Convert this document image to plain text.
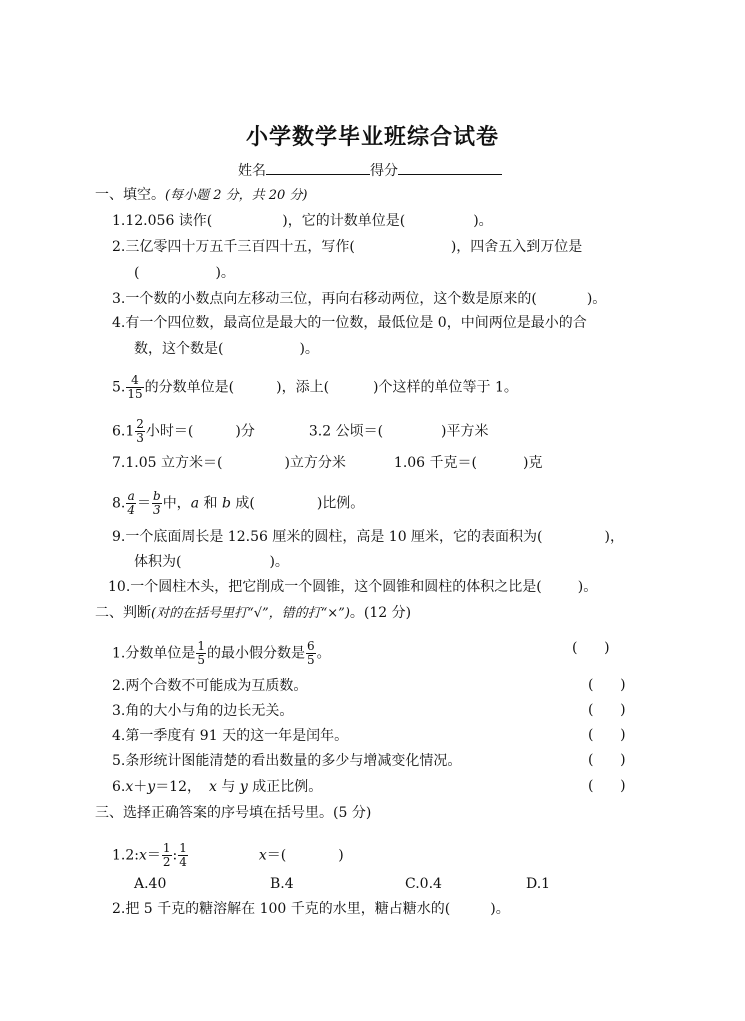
小学数学毕业班综合试卷
姓名	得分
一、填空。(每小题 2 分，共 20 分)
1.12.056 读作(	)，它的计数单位是(	)。
2.三亿零四十万五千三百四十五，写作(	)，四舍五入到万位是
(	)。
3.一个数的小数点向左移动三位，再向右移动两位，这个数是原来的(	)。
4.有一个四位数，最高位是最大的一位数，最低位是 0，中间两位是最小的合
数，这个数是(	)。
5. $\frac{4}{15}$ 的分数单位是(	)，添上(	)个这样的单位等于 1。
$6.1 \frac{2}{3}$ 小时＝(	)分	3.2 公顷＝(	)平方米
7.1.05 立方米＝(	)立方分米	1.06 千克＝(	)克
8. $\frac{a}{4} = \frac{b}{3}$ 中，a 和 b 成(	)比例。
9.一个底面周长是 12.56 厘米的圆柱，高是 10 厘米，它的表面积为(	)，
体积为(	)。
10.一个圆柱木头，把它削成一个圆锥，这个圆锥和圆柱的体积之比是(	)。
二、判断(对的在括号里打“√”，错的打“×”)。(12 分)
1.分数单位是 $\frac{1}{5}$ 的最小假分数是 $\frac{6}{5}$ 。	(      )
2.两个合数不可能成为互质数。	(      )
3.角的大小与角的边长无关。	(      )
4.第一季度有 91 天的这一年是闰年。	(      )
5.条形统计图能清楚的看出数量的多少与增减变化情况。	(      )
6.x＋y＝12， x 与 y 成正比例。	(      )
三、选择正确答案的序号填在括号里。(5 分)
1.2:x＝ $\frac{1}{2}$ : $\frac{1}{4}$	x＝(	)
A.40	B.4	C.0.4	D.1
2.把 5 千克的糖溶解在 100 千克的水里，糖占糖水的(	)。
